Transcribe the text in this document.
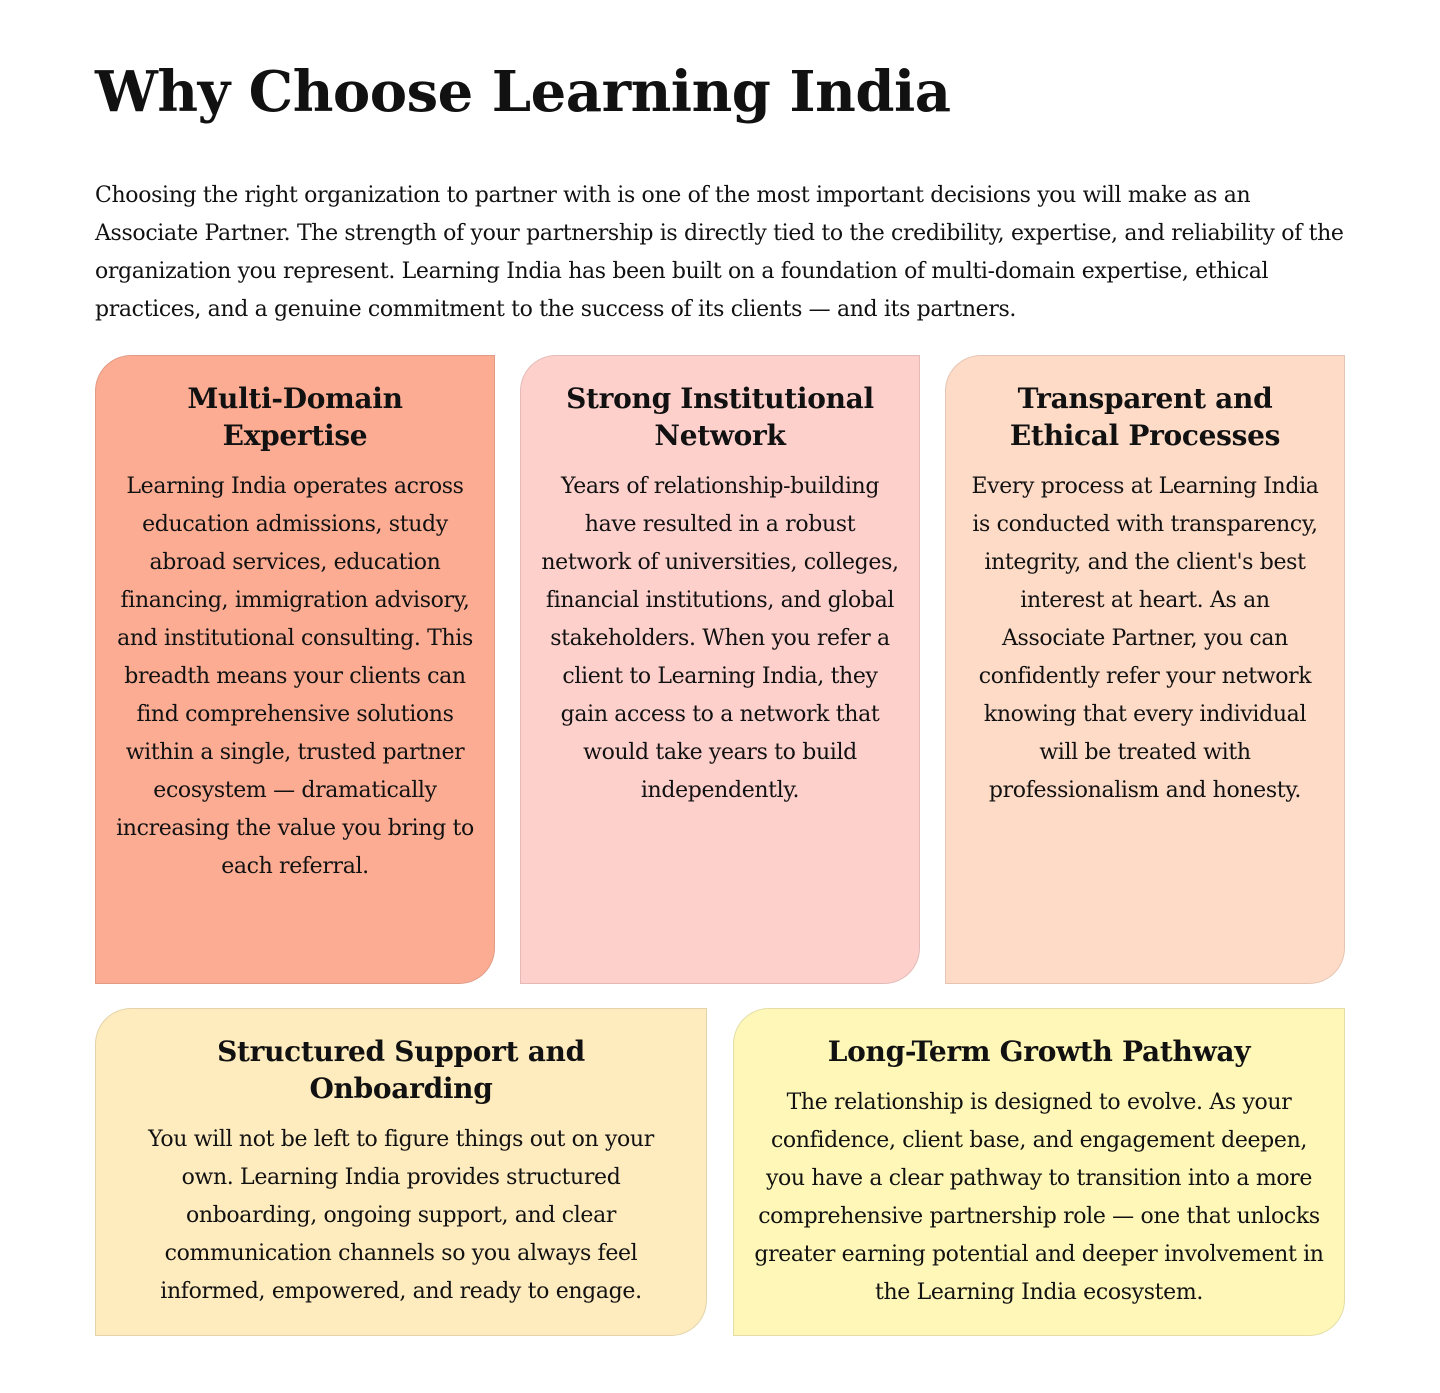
Why Choose Learning India

Choosing the right organization to partner with is one of the most important decisions you will make as an Associate Partner. The strength of your partnership is directly tied to the credibility, expertise, and reliability of the organization you represent. Learning India has been built on a foundation of multi-domain expertise, ethical practices, and a genuine commitment to the success of its clients — and its partners.

Multi-Domain Expertise

Learning India operates across education admissions, study abroad services, education financing, immigration advisory, and institutional consulting. This breadth means your clients can find comprehensive solutions within a single, trusted partner ecosystem — dramatically increasing the value you bring to each referral.

Strong Institutional Network

Years of relationship-building have resulted in a robust network of universities, colleges, financial institutions, and global stakeholders. When you refer a client to Learning India, they gain access to a network that would take years to build independently.

Transparent and Ethical Processes

Every process at Learning India is conducted with transparency, integrity, and the client's best interest at heart. As an Associate Partner, you can confidently refer your network knowing that every individual will be treated with professionalism and honesty.

Structured Support and Onboarding

You will not be left to figure things out on your own. Learning India provides structured onboarding, ongoing support, and clear communication channels so you always feel informed, empowered, and ready to engage.

Long-Term Growth Pathway

The relationship is designed to evolve. As your confidence, client base, and engagement deepen, you have a clear pathway to transition into a more comprehensive partnership role — one that unlocks greater earning potential and deeper involvement in the Learning India ecosystem.
